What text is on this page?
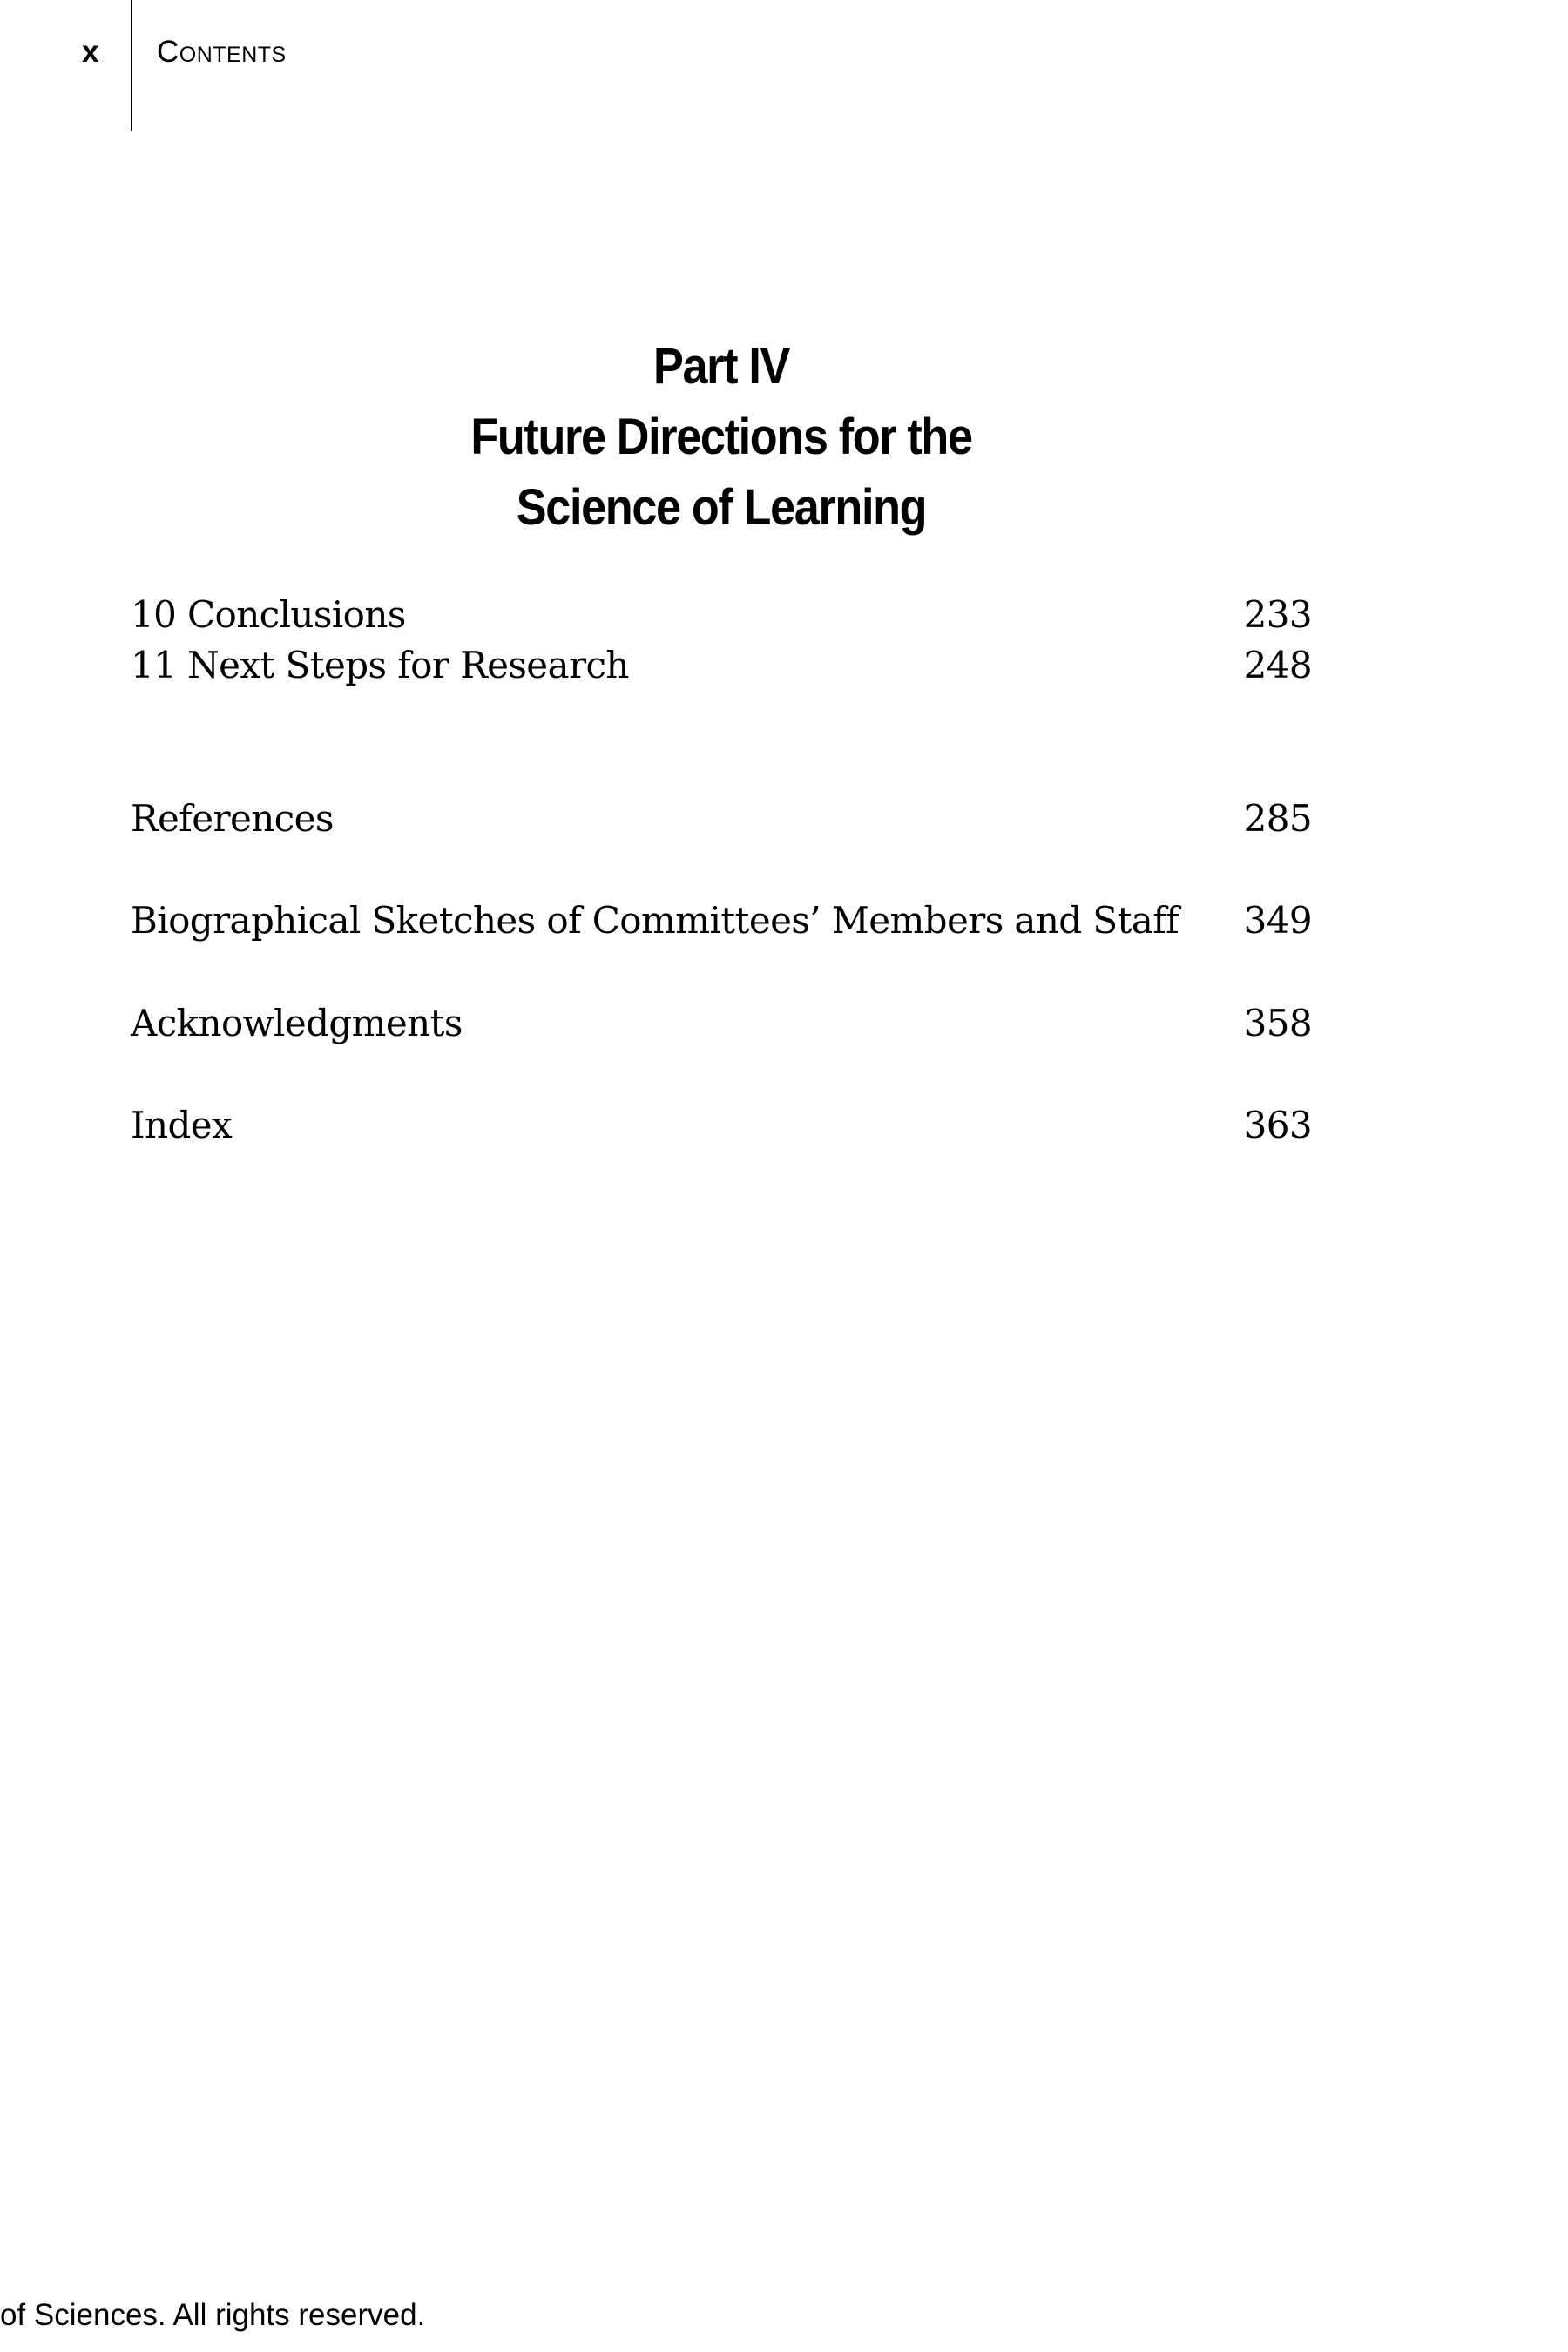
x Contents
Part IV
Future Directions for the
Science of Learning
10 Conclusions	233
11 Next Steps for Research	248
References	285
Biographical Sketches of Committees’ Members and Staff 349
Acknowledgments	358
Index	363
of Sciences. All rights reserved.
